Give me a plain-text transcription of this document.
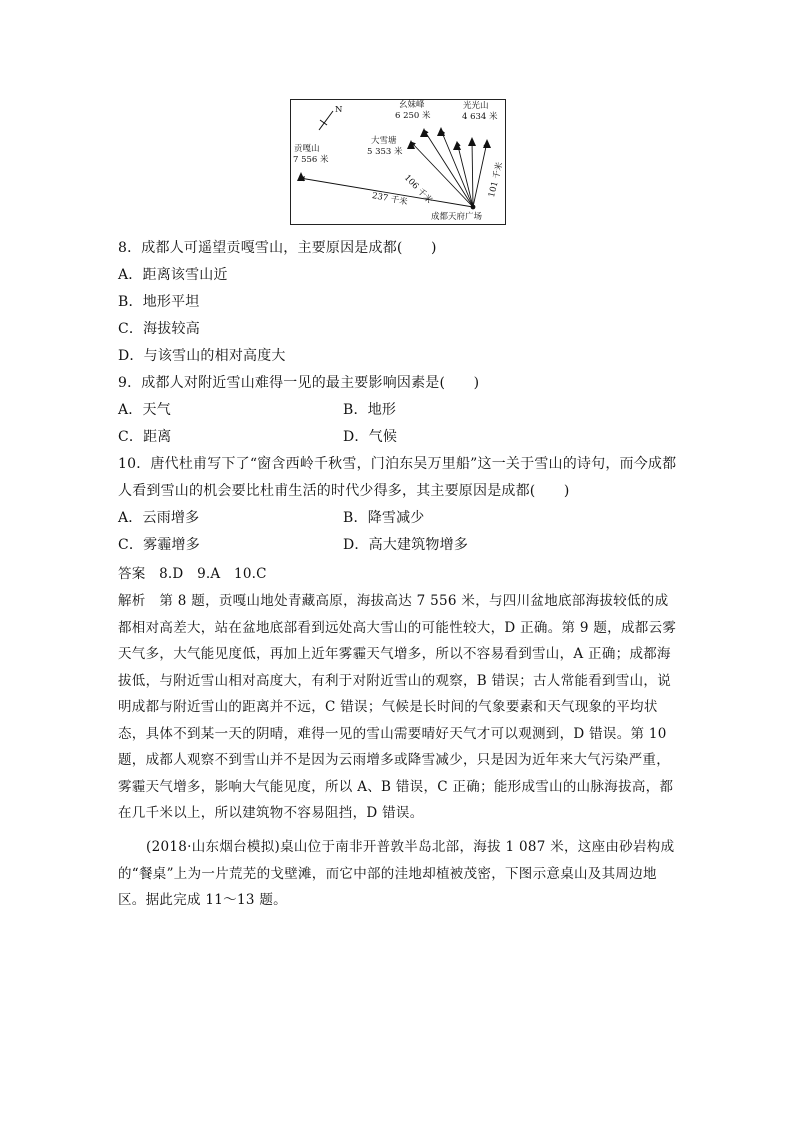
N	幺妹峰
6 250 米
光光山
4 634 米
大雪塘
5 353 米
贡嘎山
7 556 米
106 千米	101 千米
237 千米
成都天府广场
8．成都人可遥望贡嘎雪山，主要原因是成都(　　)
A．距离该雪山近
B．地形平坦
C．海拔较高
D．与该雪山的相对高度大
9．成都人对附近雪山难得一见的最主要影响因素是(　　)
A．天气	B．地形
C．距离	D．气候
10．唐代杜甫写下了“窗含西岭千秋雪，门泊东吴万里船”这一关于雪山的诗句，而今成都
人看到雪山的机会要比杜甫生活的时代少得多，其主要原因是成都(　　)
A．云雨增多	B．降雪减少
C．雾霾增多	D．高大建筑物增多
答案　8.D　9.A　10.C
解析　第 8 题，贡嘎山地处青藏高原，海拔高达 7 556 米，与四川盆地底部海拔较低的成都相对高差大，站在盆地底部看到远处高大雪山的可能性较大，D 正确。第 9 题，成都云雾天气多，大气能见度低，再加上近年雾霾天气增多，所以不容易看到雪山，A 正确；成都海拔低，与附近雪山相对高度大，有利于对附近雪山的观察，B 错误；古人常能看到雪山，说明成都与附近雪山的距离并不远，C 错误；气候是长时间的气象要素和天气现象的平均状态，具体不到某一天的阴晴，难得一见的雪山需要晴好天气才可以观测到，D 错误。第 10 题，成都人观察不到雪山并不是因为云雨增多或降雪减少，只是因为近年来大气污染严重，雾霾天气增多，影响大气能见度，所以 A、B 错误，C 正确；能形成雪山的山脉海拔高，都在几千米以上，所以建筑物不容易阻挡，D 错误。
(2018·山东烟台模拟)桌山位于南非开普敦半岛北部，海拔 1 087 米，这座由砂岩构成的“餐桌”上为一片荒芜的戈壁滩，而它中部的洼地却植被茂密，下图示意桌山及其周边地区。据此完成 11～13 题。
